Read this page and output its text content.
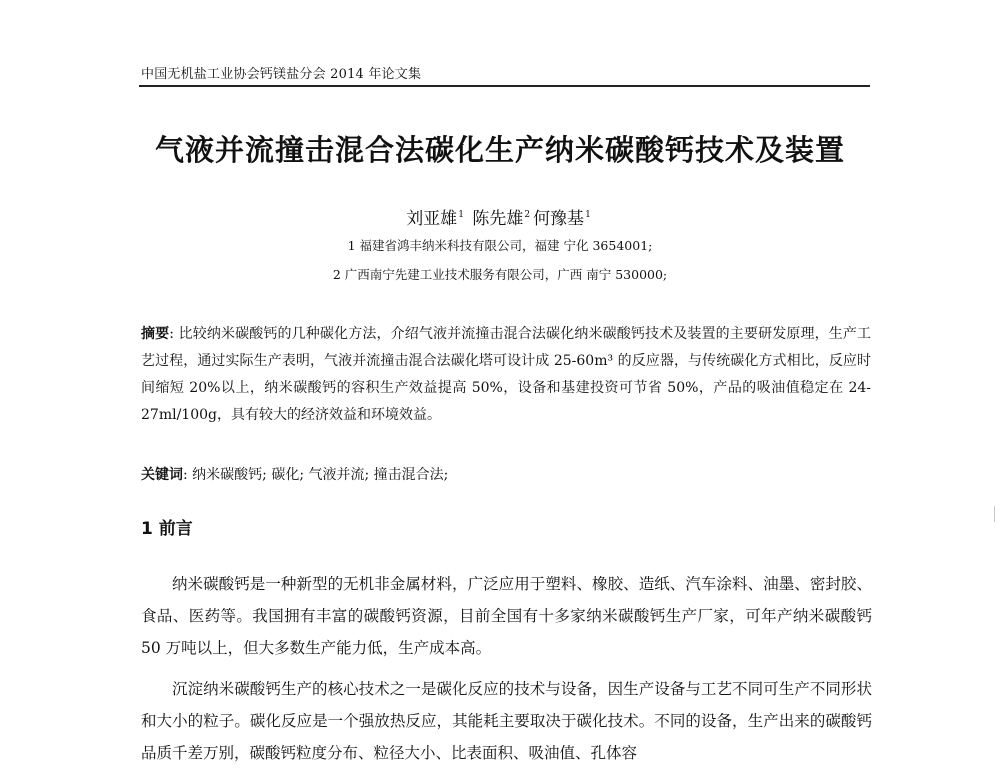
中国无机盐工业协会钙镁盐分会 2014 年论文集
气液并流撞击混合法碳化生产纳米碳酸钙技术及装置
刘亚雄$^1$ 陈先雄$^2$ 何豫基$^1$
1 福建省鸿丰纳米科技有限公司，福建 宁化 3654001;
2 广西南宁先建工业技术服务有限公司，广西 南宁 530000;
摘要: 比较纳米碳酸钙的几种碳化方法，介绍气液并流撞击混合法碳化纳米碳酸钙技术及装置的主要研发原理，生产工艺过程，通过实际生产表明，气液并流撞击混合法碳化塔可设计成 25-60m³ 的反应器，与传统碳化方式相比，反应时间缩短 20%以上，纳米碳酸钙的容积生产效益提高 50%，设备和基建投资可节省 50%，产品的吸油值稳定在 24-27ml/100g，具有较大的经济效益和环境效益。
关键词: 纳米碳酸钙; 碳化; 气液并流; 撞击混合法;
1 前言

纳米碳酸钙是一种新型的无机非金属材料，广泛应用于塑料、橡胶、造纸、汽车涂料、油墨、密封胶、食品、医药等。我国拥有丰富的碳酸钙资源，目前全国有十多家纳米碳酸钙生产厂家，可年产纳米碳酸钙 50 万吨以上，但大多数生产能力低，生产成本高。

沉淀纳米碳酸钙生产的核心技术之一是碳化反应的技术与设备，因生产设备与工艺不同可生产不同形状和大小的粒子。碳化反应是一个强放热反应，其能耗主要取决于碳化技术。不同的设备，生产出来的碳酸钙品质千差万别，碳酸钙粒度分布、粒径大小、比表面积、吸油值、孔体容
